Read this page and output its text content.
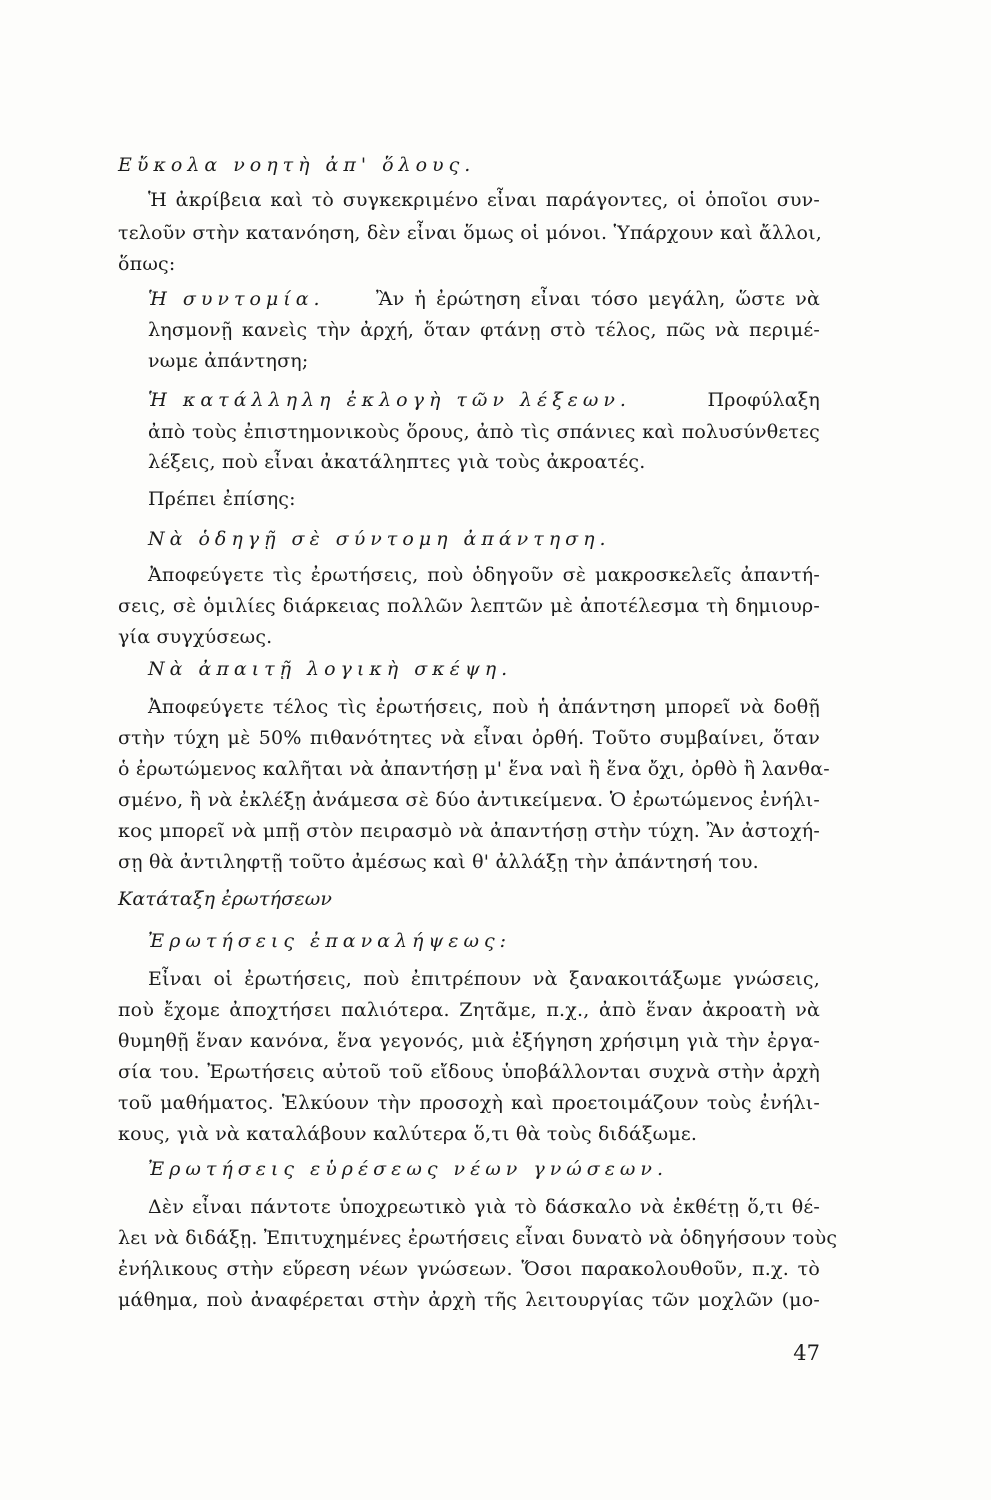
Εὔκολα νοητὴ ἀπ' ὅλους.
Ἡ ἀκρίβεια καὶ τὸ συγκεκριμένο εἶναι παράγοντες, οἱ ὁποῖοι συν-
τελοῦν στὴν κατανόηση, δὲν εἶναι ὅμως οἱ μόνοι. Ὑπάρχουν καὶ ἄλλοι,
ὅπως:
Ἡ συντομία.	Ἂν ἡ ἐρώτηση εἶναι τόσο μεγάλη, ὥστε νὰ
λησμονῇ κανεὶς τὴν ἀρχή, ὅταν φτάνῃ στὸ τέλος, πῶς νὰ περιμέ-
νωμε ἀπάντηση;
Ἡ κατάλληλη ἐκλογὴ τῶν λέξεων.	Προφύλαξη
ἀπὸ τοὺς ἐπιστημονικοὺς ὅρους, ἀπὸ τὶς σπάνιες καὶ πολυσύνθετες
λέξεις, ποὺ εἶναι ἀκατάληπτες γιὰ τοὺς ἀκροατές.
Πρέπει ἐπίσης:
Νὰ ὁδηγῇ σὲ σύντομη ἀπάντηση.
Ἀποφεύγετε τὶς ἐρωτήσεις, ποὺ ὁδηγοῦν σὲ μακροσκελεῖς ἀπαντή-
σεις, σὲ ὁμιλίες διάρκειας πολλῶν λεπτῶν μὲ ἀποτέλεσμα τὴ δημιουρ-
γία συγχύσεως.
Νὰ ἀπαιτῇ λογικὴ σκέψη.
Ἀποφεύγετε τέλος τὶς ἐρωτήσεις, ποὺ ἡ ἀπάντηση μπορεῖ νὰ δοθῇ
στὴν τύχη μὲ 50% πιθανότητες νὰ εἶναι ὀρθή. Τοῦτο συμβαίνει, ὅταν
ὁ ἐρωτώμενος καλῆται νὰ ἀπαντήσῃ μ' ἕνα ναὶ ἢ ἕνα ὄχι, ὀρθὸ ἢ λανθα-
σμένο, ἢ νὰ ἐκλέξῃ ἀνάμεσα σὲ δύο ἀντικείμενα. Ὁ ἐρωτώμενος ἐνήλι-
κος μπορεῖ νὰ μπῇ στὸν πειρασμὸ νὰ ἀπαντήσῃ στὴν τύχη. Ἂν ἀστοχή-
σῃ θὰ ἀντιληφτῇ τοῦτο ἀμέσως καὶ θ' ἀλλάξῃ τὴν ἀπάντησή του.
Κατάταξη ἐρωτήσεων
Ἐρωτήσεις ἐπαναλήψεως:
Εἶναι οἱ ἐρωτήσεις, ποὺ ἐπιτρέπουν νὰ ξανακοιτάξωμε γνώσεις,
ποὺ ἔχομε ἀποχτήσει παλιότερα. Ζητᾶμε, π.χ., ἀπὸ ἕναν ἀκροατὴ νὰ
θυμηθῇ ἕναν κανόνα, ἕνα γεγονός, μιὰ ἐξήγηση χρήσιμη γιὰ τὴν ἐργα-
σία του. Ἐρωτήσεις αὐτοῦ τοῦ εἴδους ὑποβάλλονται συχνὰ στὴν ἀρχὴ
τοῦ μαθήματος. Ἑλκύουν τὴν προσοχὴ καὶ προετοιμάζουν τοὺς ἐνήλι-
κους, γιὰ νὰ καταλάβουν καλύτερα ὅ,τι θὰ τοὺς διδάξωμε.
Ἐρωτήσεις εὑρέσεως νέων γνώσεων.
Δὲν εἶναι πάντοτε ὑποχρεωτικὸ γιὰ τὸ δάσκαλο νὰ ἐκθέτῃ ὅ,τι θέ-
λει νὰ διδάξῃ. Ἐπιτυχημένες ἐρωτήσεις εἶναι δυνατὸ νὰ ὁδηγήσουν τοὺς
ἐνήλικους στὴν εὕρεση νέων γνώσεων. Ὅσοι παρακολουθοῦν, π.χ. τὸ
μάθημα, ποὺ ἀναφέρεται στὴν ἀρχὴ τῆς λειτουργίας τῶν μοχλῶν (μο-
47
